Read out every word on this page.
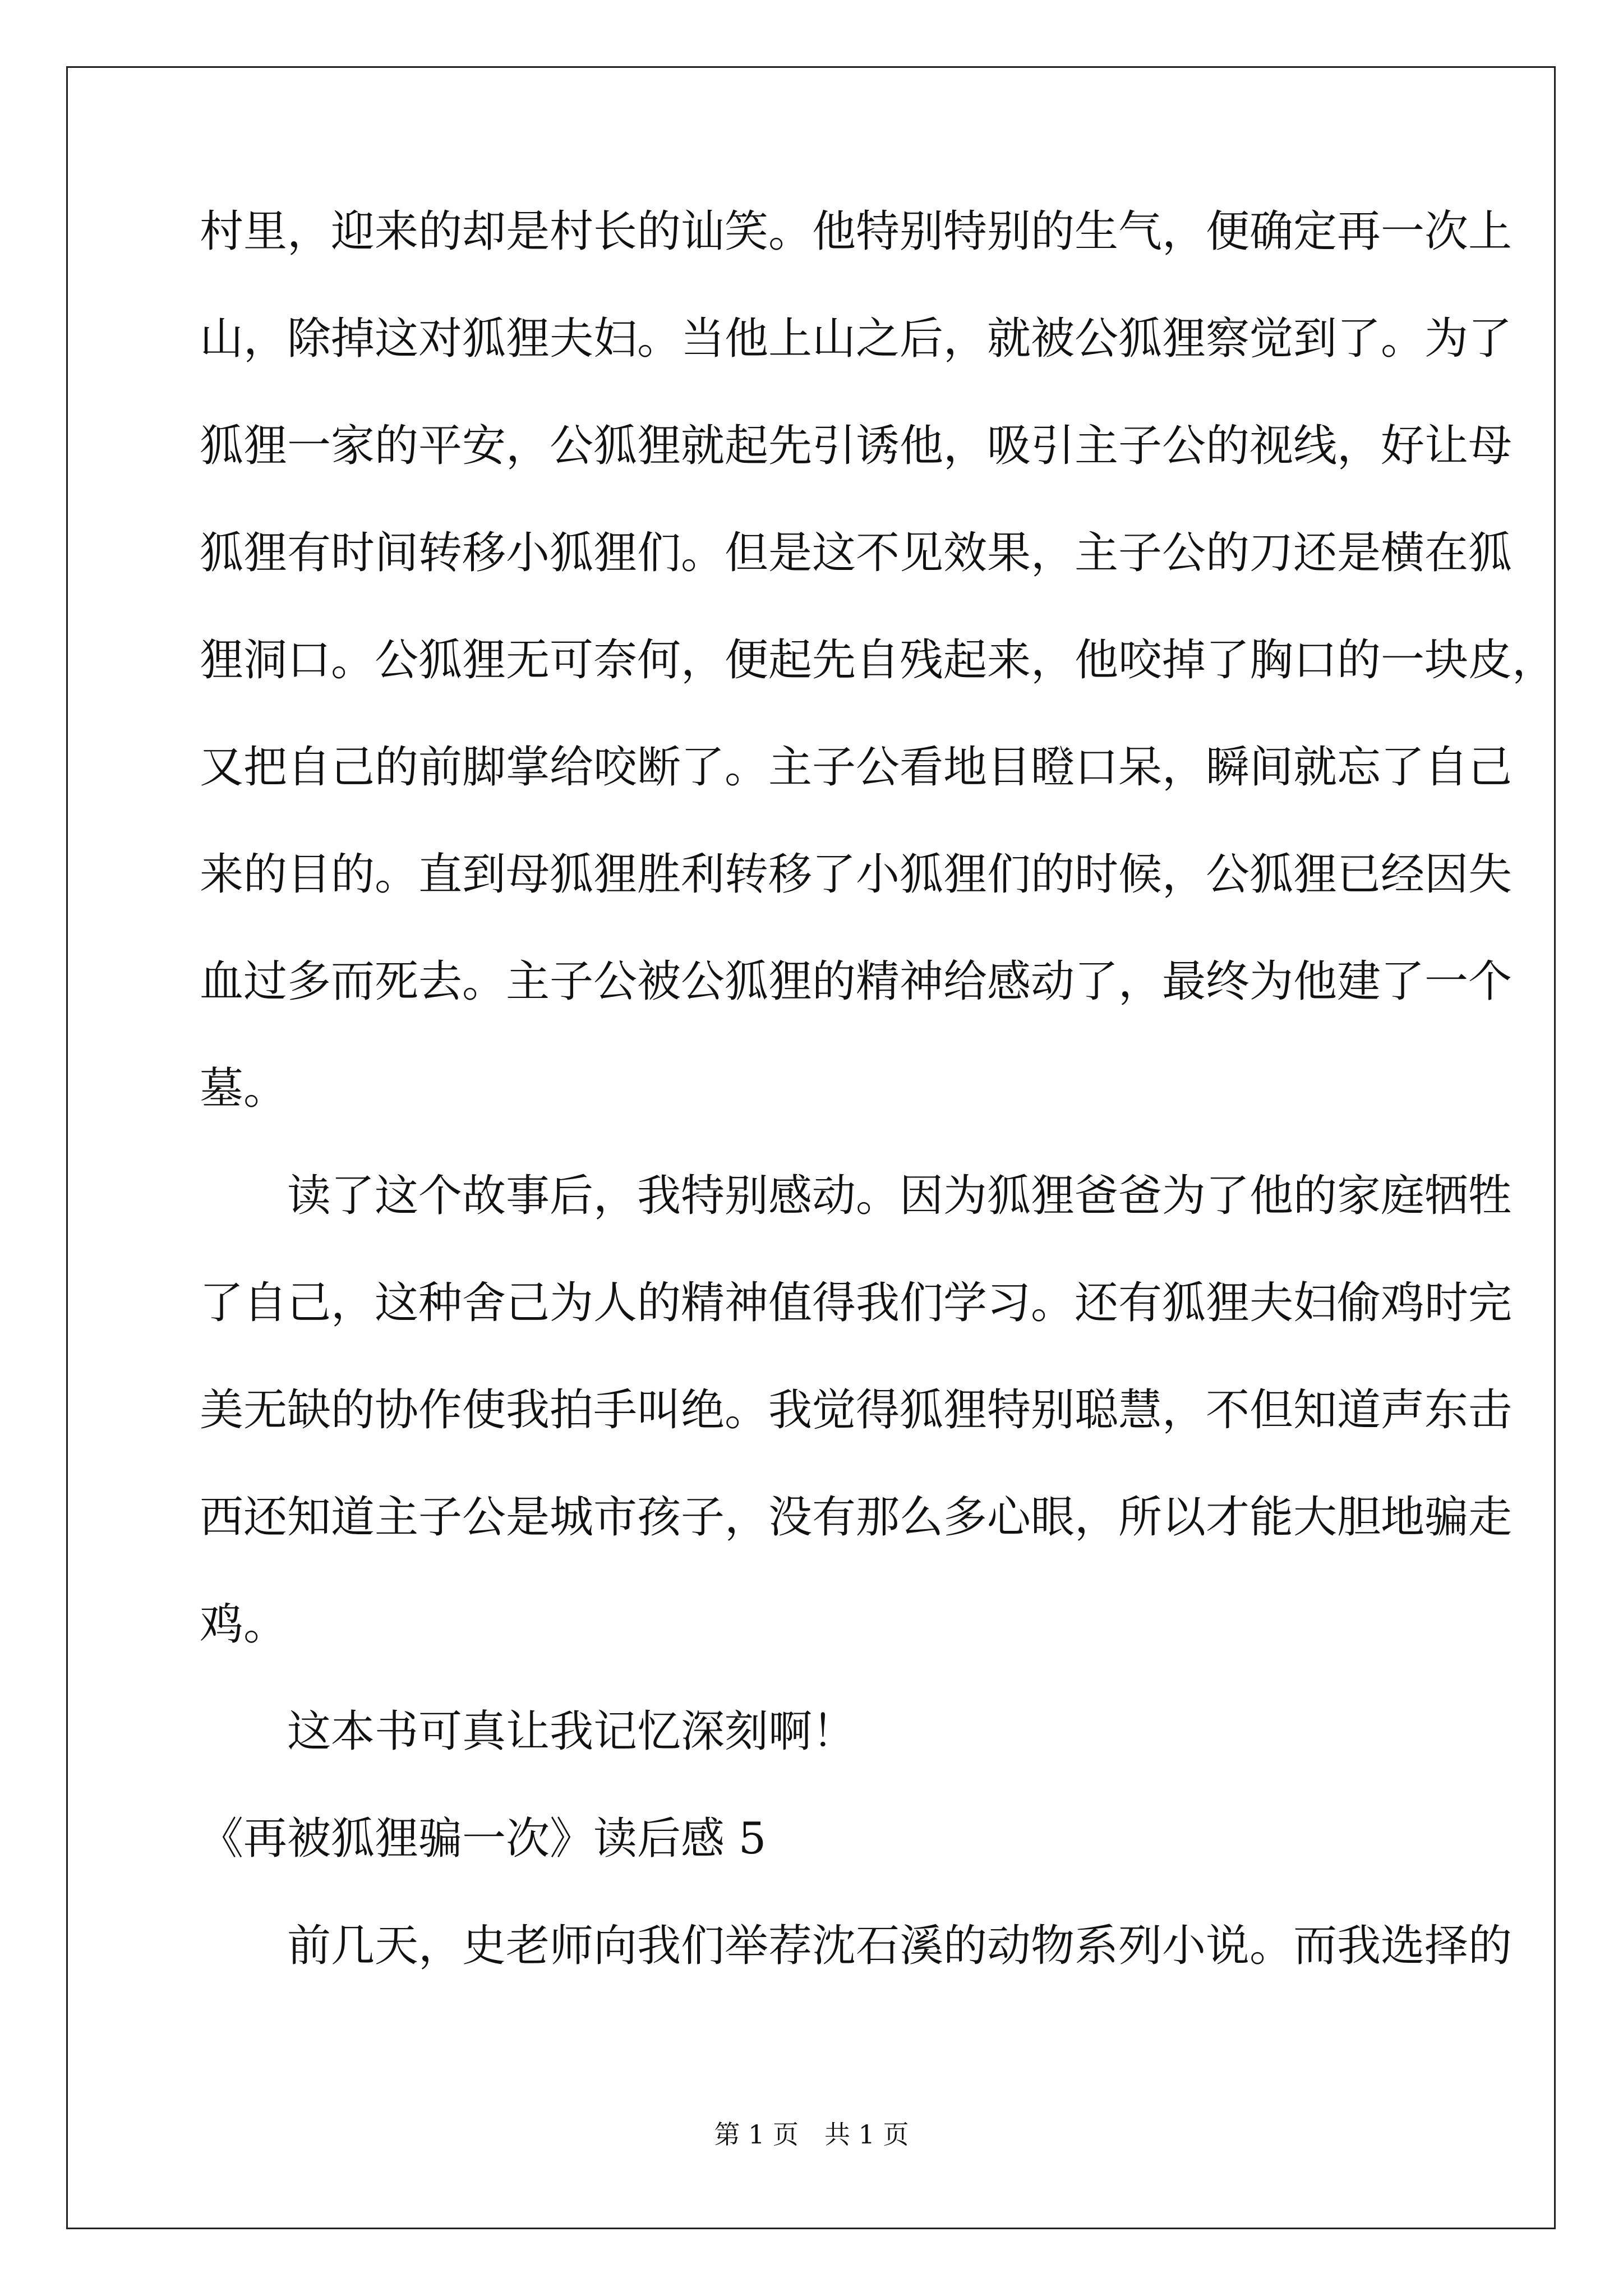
村里，迎来的却是村长的讪笑。他特别特别的生气，便确定再一次上
山，除掉这对狐狸夫妇。当他上山之后，就被公狐狸察觉到了。为了
狐狸一家的平安，公狐狸就起先引诱他，吸引主子公的视线，好让母
狐狸有时间转移小狐狸们。但是这不见效果，主子公的刀还是横在狐
狸洞口。公狐狸无可奈何，便起先自残起来，他咬掉了胸口的一块皮，
又把自己的前脚掌给咬断了。主子公看地目瞪口呆，瞬间就忘了自己
来的目的。直到母狐狸胜利转移了小狐狸们的时候，公狐狸已经因失
血过多而死去。主子公被公狐狸的精神给感动了，最终为他建了一个
墓。
读了这个故事后，我特别感动。因为狐狸爸爸为了他的家庭牺牲
了自己，这种舍己为人的精神值得我们学习。还有狐狸夫妇偷鸡时完
美无缺的协作使我拍手叫绝。我觉得狐狸特别聪慧，不但知道声东击
西还知道主子公是城市孩子，没有那么多心眼，所以才能大胆地骗走
鸡。
这本书可真让我记忆深刻啊！
《再被狐狸骗一次》读后感 5
前几天，史老师向我们举荐沈石溪的动物系列小说。而我选择的
第 1 页　共 1 页
